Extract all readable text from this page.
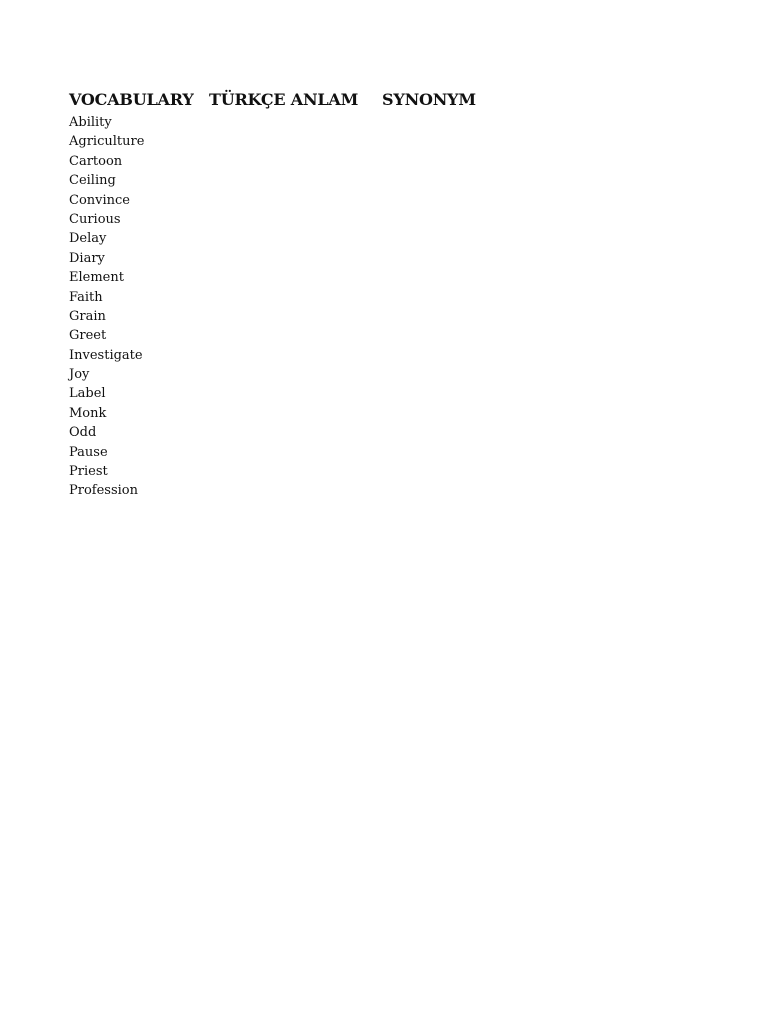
VOCABULARY TÜRKÇE ANLAM SYNONYM
Ability
Agriculture
Cartoon
Ceiling
Convince
Curious
Delay
Diary
Element
Faith
Grain
Greet
Investigate
Joy
Label
Monk
Odd
Pause
Priest
Profession
